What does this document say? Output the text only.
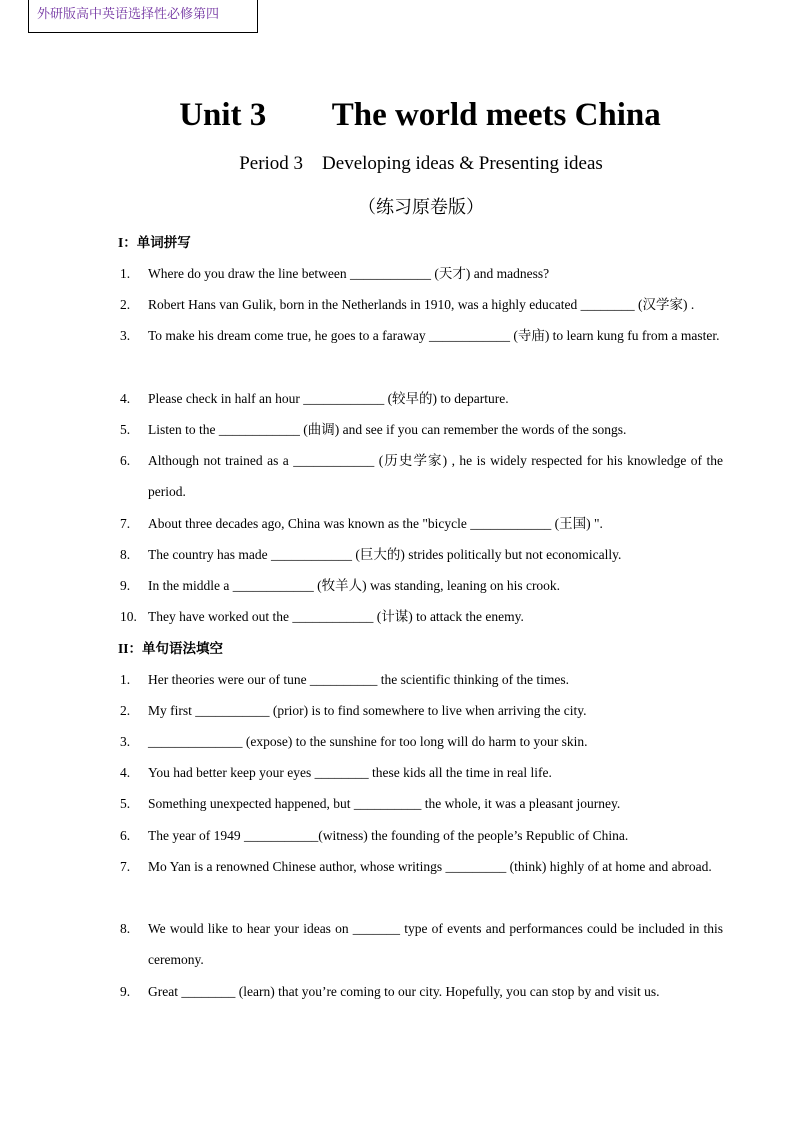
外研版高中英语选择性必修第四
Unit 3        The world meets China
Period 3    Developing ideas & Presenting ideas
（练习原卷版）
I：单词拼写
1. Where do you draw the line between ____________ (天才) and madness?
2. Robert Hans van Gulik, born in the Netherlands in 1910, was a highly educated ________ (汉学家) .
3. To make his dream come true, he goes to a faraway ____________ (寺庙) to learn kung fu from a master.
4. Please check in half an hour ____________ (较早的) to departure.
5. Listen to the ____________ (曲调) and see if you can remember the words of the songs.
6. Although not trained as a ____________ (历史学家) , he is widely respected for his knowledge of the period.
7. About three decades ago, China was known as the "bicycle ____________ (王国) ".
8. The country has made ____________ (巨大的) strides politically but not economically.
9. In the middle a ____________ (牧羊人) was standing, leaning on his crook.
10. They have worked out the ____________ (计谋) to attack the enemy.
II：单句语法填空
1. Her theories were our of tune __________ the scientific thinking of the times.
2. My first ___________ (prior) is to find somewhere to live when arriving the city.
3. ______________ (expose) to the sunshine for too long will do harm to your skin.
4. You had better keep your eyes ________ these kids all the time in real life.
5. Something unexpected happened, but __________ the whole, it was a pleasant journey.
6. The year of 1949 ___________(witness) the founding of the people’s Republic of China.
7. Mo Yan is a renowned Chinese author, whose writings _________ (think) highly of at home and abroad.
8. We would like to hear your ideas on _______ type of events and performances could be included in this ceremony.
9. Great ________ (learn) that you’re coming to our city. Hopefully, you can stop by and visit us.
